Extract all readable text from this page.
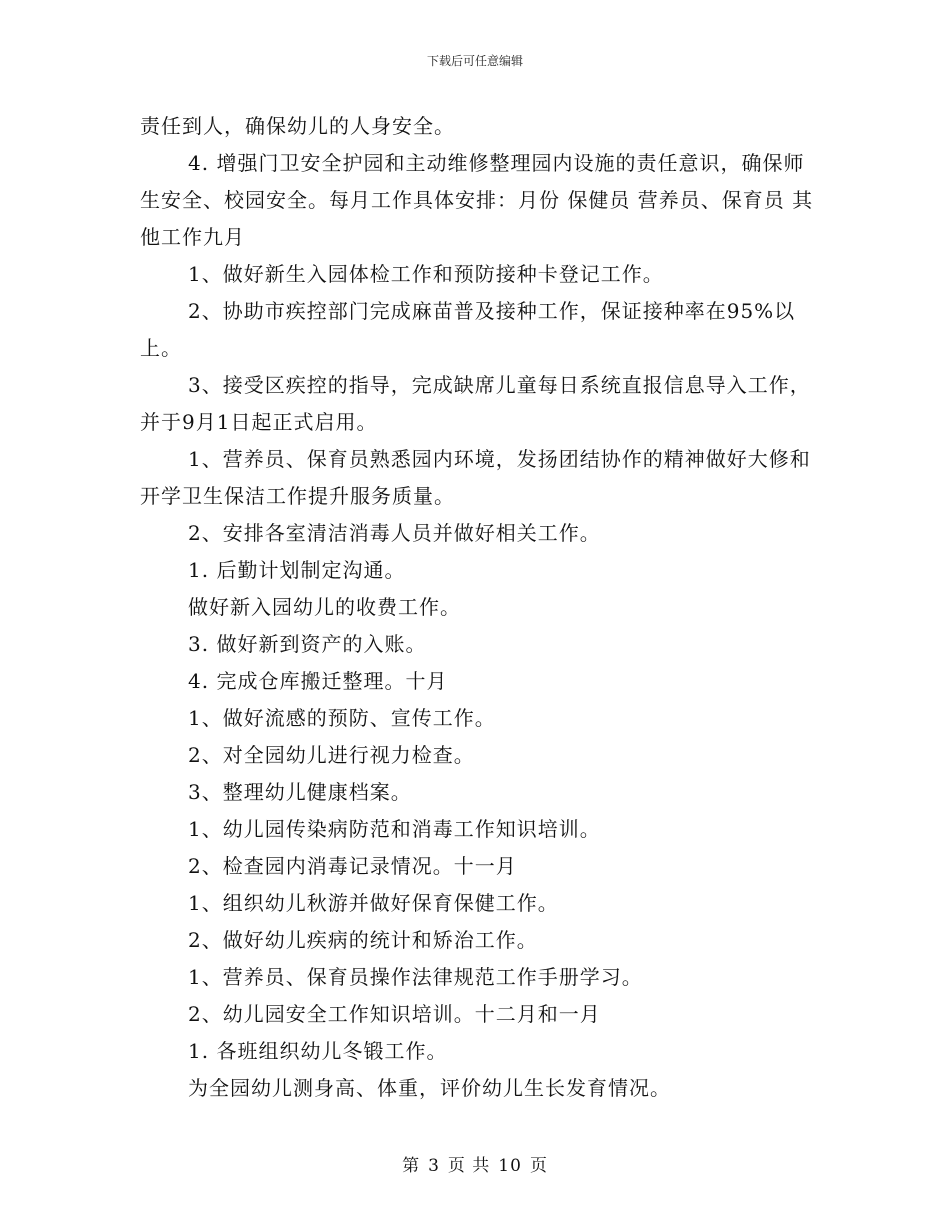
下载后可任意编辑

责任到人，确保幼儿的人身安全。

4. 增强门卫安全护园和主动维修整理园内设施的责任意识，确保师生安全、校园安全。每月工作具体安排：月份 保健员 营养员、保育员 其他工作九月

1、做好新生入园体检工作和预防接种卡登记工作。

2、协助市疾控部门完成麻苗普及接种工作，保证接种率在95%以上。

3、接受区疾控的指导，完成缺席儿童每日系统直报信息导入工作，并于9月1日起正式启用。

1、营养员、保育员熟悉园内环境，发扬团结协作的精神做好大修和开学卫生保洁工作提升服务质量。

2、安排各室清洁消毒人员并做好相关工作。

1. 后勤计划制定沟通。

做好新入园幼儿的收费工作。

3. 做好新到资产的入账。

4. 完成仓库搬迁整理。十月

1、做好流感的预防、宣传工作。

2、对全园幼儿进行视力检查。

3、整理幼儿健康档案。

1、幼儿园传染病防范和消毒工作知识培训。

2、检查园内消毒记录情况。十一月

1、组织幼儿秋游并做好保育保健工作。

2、做好幼儿疾病的统计和矫治工作。

1、营养员、保育员操作法律规范工作手册学习。

2、幼儿园安全工作知识培训。十二月和一月

1. 各班组织幼儿冬锻工作。

为全园幼儿测身高、体重，评价幼儿生长发育情况。

第 3 页 共 10 页
